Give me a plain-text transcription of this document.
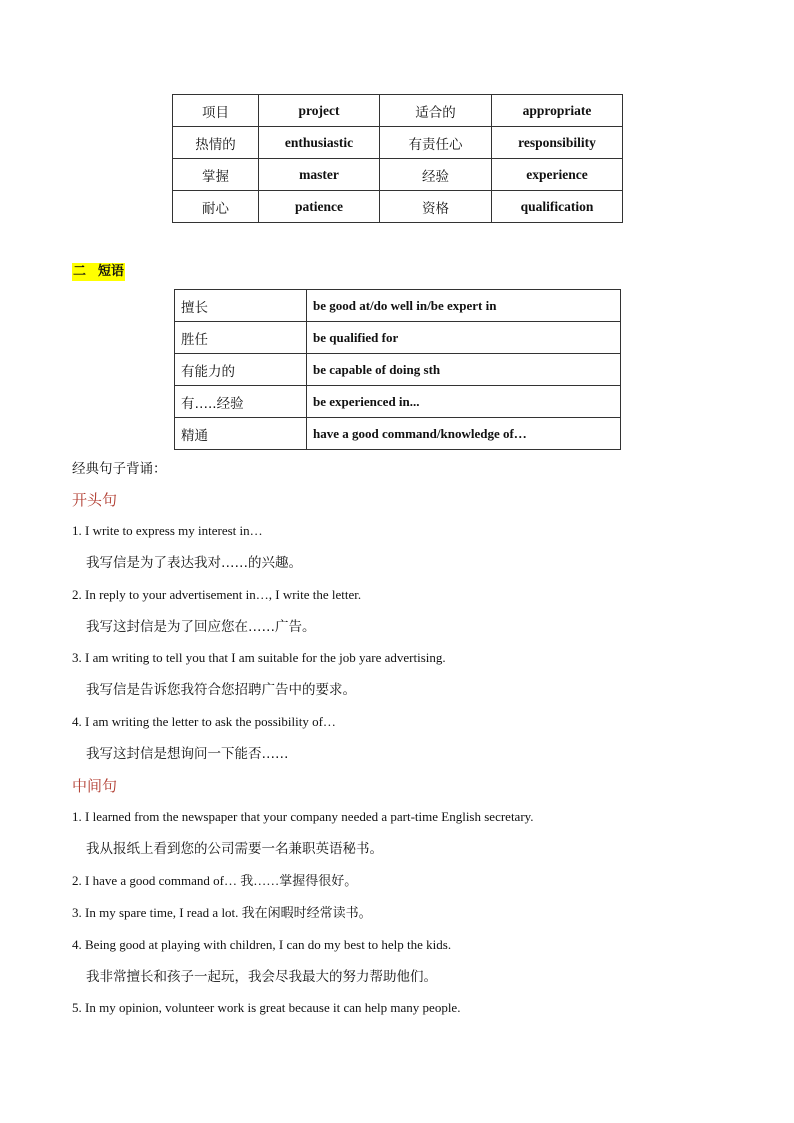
项目	project	适合的	appropriate
热情的	enthusiastic	有责任心	responsibility
掌握	master	经验	experience
耐心	patience	资格	qualification
二 短语
擅长	be good at/do well in/be expert in
胜任	be qualified for
有能力的	be capable of doing sth
有…..经验	be experienced in...
精通	have a good command/knowledge of…
经典句子背诵：
开头句
1. I write to express my interest in…
我写信是为了表达我对……的兴趣。
2. In reply to your advertisement in…, I write the letter.
我写这封信是为了回应您在……广告。
3. I am writing to tell you that I am suitable for the job yare advertising.
我写信是告诉您我符合您招聘广告中的要求。
4. I am writing the letter to ask the possibility of…
我写这封信是想询问一下能否……
中间句
1. I learned from the newspaper that your company needed a part-time English secretary.
我从报纸上看到您的公司需要一名兼职英语秘书。
2. I have a good command of… 我……掌握得很好。
3. In my spare time, I read a lot. 我在闲暇时经常读书。
4. Being good at playing with children, I can do my best to help the kids.
我非常擅长和孩子一起玩，我会尽我最大的努力帮助他们。
5. In my opinion, volunteer work is great because it can help many people.
